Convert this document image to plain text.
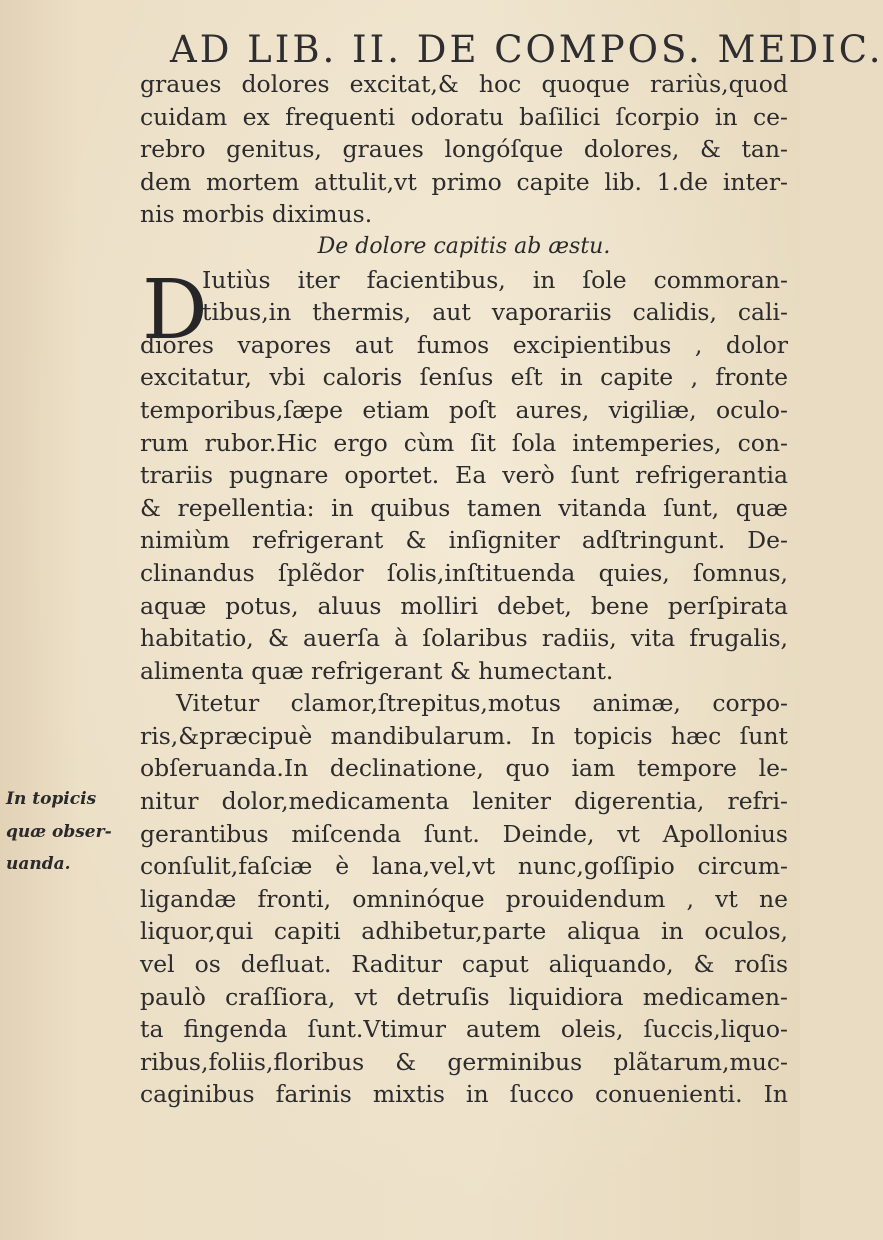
AD LIB. II. DE COMPOS. MEDIC.
D
graues dolores excitat,& hoc quoque rariùs,quod
cuidam ex frequenti odoratu baſilici ſcorpio in ce-
rebro genitus, graues longóſque dolores, & tan-
dem mortem attulit,vt primo capite lib. 1.de inter-
nis morbis diximus.
De dolore capitis ab æstu.
Iutiùs iter facientibus, in ſole commoran-
tibus,in thermis, aut vaporariis calidis, cali-
diores vapores aut fumos excipientibus , dolor
excitatur, vbi caloris ſenſus eſt in capite , fronte
temporibus,ſæpe etiam poſt aures, vigiliæ, oculo-
rum rubor.Hic ergo cùm ſit ſola intemperies, con-
trariis pugnare oportet. Ea verò ſunt refrigerantia
& repellentia: in quibus tamen vitanda ſunt, quæ
nimiùm refrigerant & inſigniter adſtringunt. De-
clinandus ſplẽdor ſolis,inſtituenda quies, ſomnus,
aquæ potus, aluus molliri debet, bene perſpirata
habitatio, & auerſa à ſolaribus radiis, vita frugalis,
alimenta quæ refrigerant & humectant.
Vitetur clamor,ſtrepitus,motus animæ, corpo-
ris,&præcipuè mandibularum. In topicis hæc ſunt
obſeruanda.In declinatione, quo iam tempore le-
nitur dolor,medicamenta leniter digerentia, refri-
gerantibus miſcenda ſunt. Deinde, vt Apollonius
conſulit,faſciæ è lana,vel,vt nunc,goſſipio circum-
ligandæ fronti, omninóque prouidendum , vt ne
liquor,qui capiti adhibetur,parte aliqua in oculos,
vel os defluat. Raditur caput aliquando, & roſis
paulò craſſiora, vt detruſis liquidiora medicamen-
ta fingenda ſunt.Vtimur autem oleis, ſuccis,liquo-
ribus,foliis,floribus & germinibus plãtarum,muc-
caginibus farinis mixtis in ſucco conuenienti. In
In topicis
quæ obser-
uanda.
